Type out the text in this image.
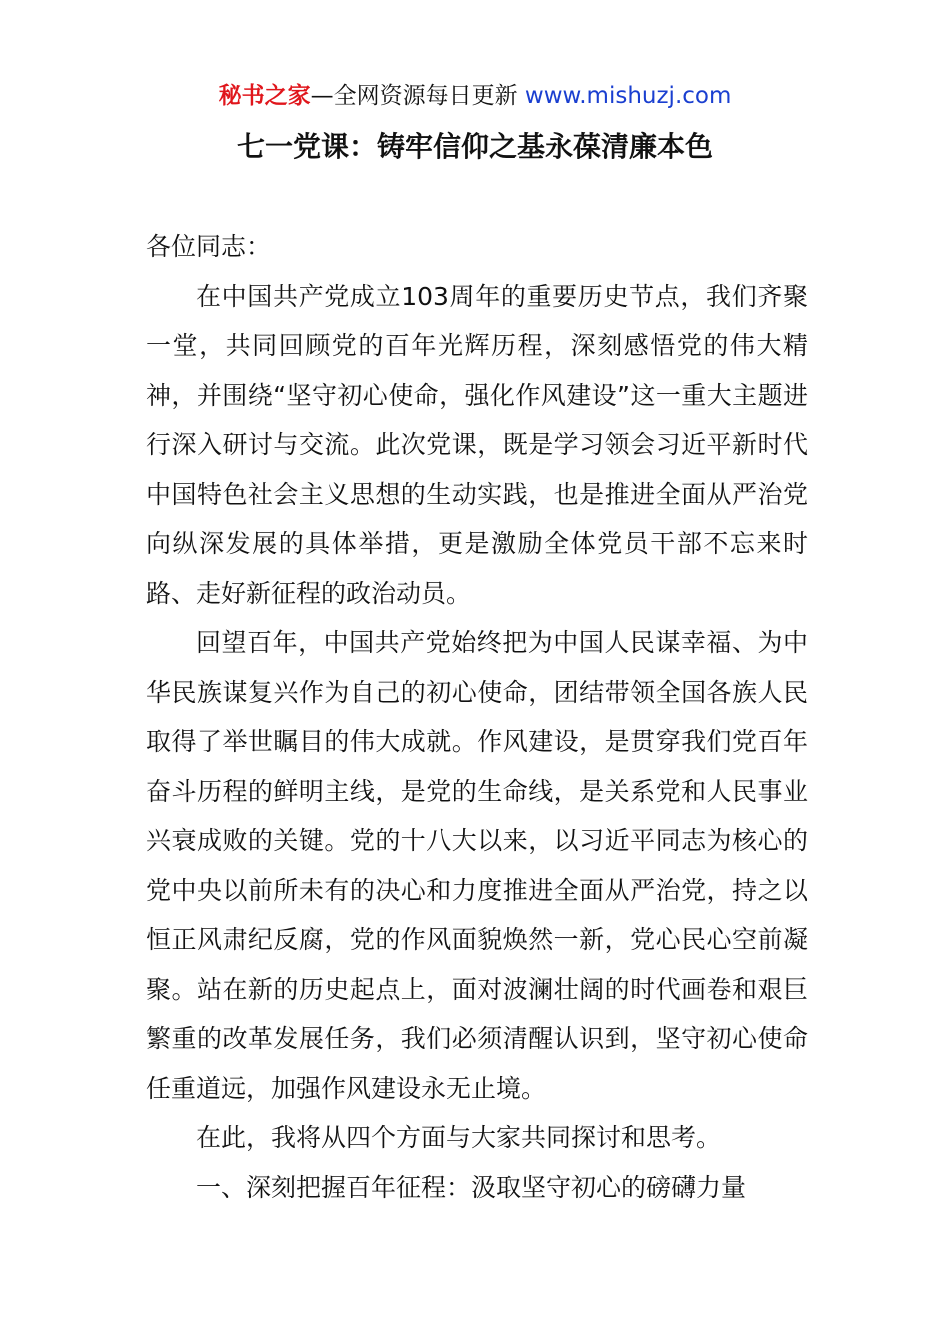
秘书之家—全网资源每日更新 www.mishuzj.com
七一党课：铸牢信仰之基永葆清廉本色

各位同志：

在中国共产党成立103周年的重要历史节点，我们齐聚一堂，共同回顾党的百年光辉历程，深刻感悟党的伟大精神，并围绕“坚守初心使命，强化作风建设”这一重大主题进行深入研讨与交流。此次党课，既是学习领会习近平新时代中国特色社会主义思想的生动实践，也是推进全面从严治党向纵深发展的具体举措，更是激励全体党员干部不忘来时路、走好新征程的政治动员。

回望百年，中国共产党始终把为中国人民谋幸福、为中华民族谋复兴作为自己的初心使命，团结带领全国各族人民取得了举世瞩目的伟大成就。作风建设，是贯穿我们党百年奋斗历程的鲜明主线，是党的生命线，是关系党和人民事业兴衰成败的关键。党的十八大以来，以习近平同志为核心的党中央以前所未有的决心和力度推进全面从严治党，持之以恒正风肃纪反腐，党的作风面貌焕然一新，党心民心空前凝聚。站在新的历史起点上，面对波澜壮阔的时代画卷和艰巨繁重的改革发展任务，我们必须清醒认识到，坚守初心使命任重道远，加强作风建设永无止境。

在此，我将从四个方面与大家共同探讨和思考。

一、深刻把握百年征程：汲取坚守初心的磅礴力量
